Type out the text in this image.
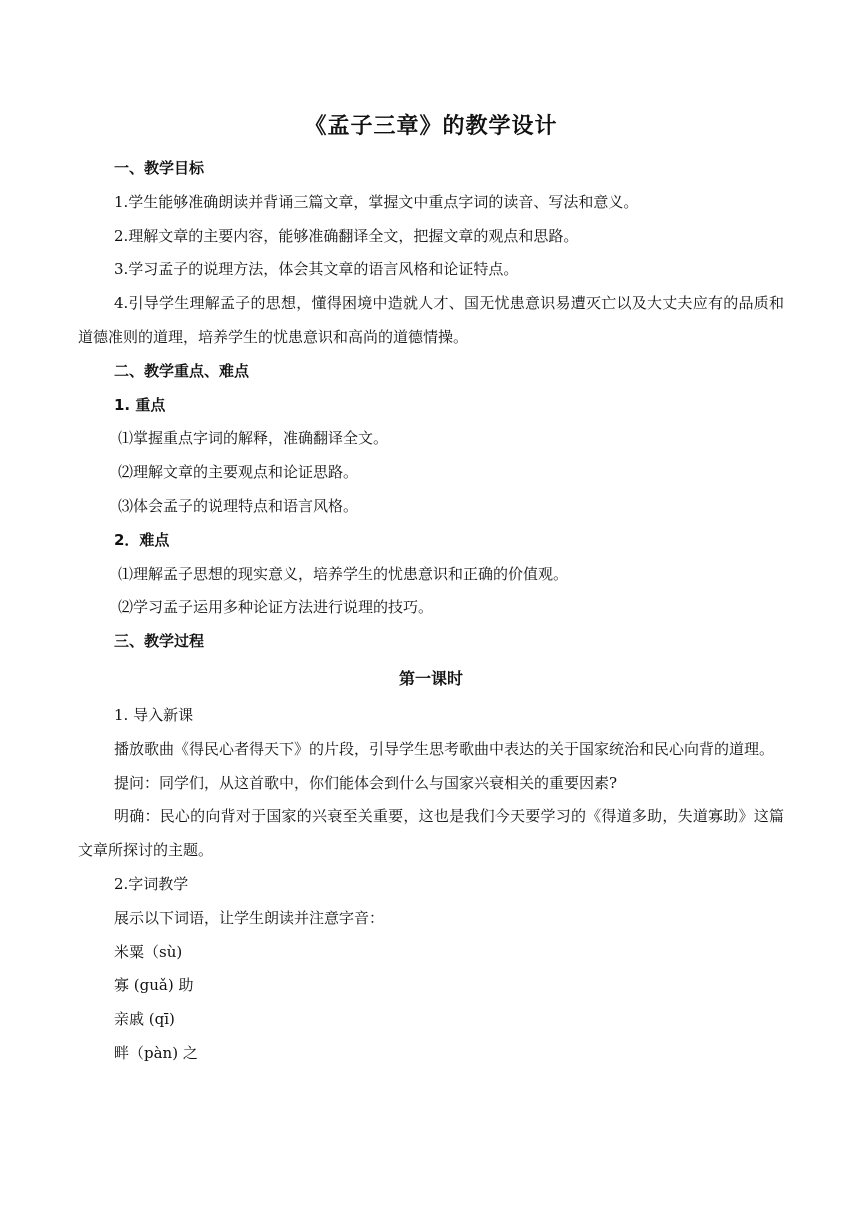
《孟子三章》的教学设计
一、教学目标
1.学生能够准确朗读并背诵三篇文章，掌握文中重点字词的读音、写法和意义。
2.理解文章的主要内容，能够准确翻译全文，把握文章的观点和思路。
3.学习孟子的说理方法，体会其文章的语言风格和论证特点。
4.引导学生理解孟子的思想，懂得困境中造就人才、国无忧患意识易遭灭亡以及大丈夫应有的品质和道德准则的道理，培养学生的忧患意识和高尚的道德情操。
二、教学重点、难点
1. 重点
⑴掌握重点字词的解释，准确翻译全文。
⑵理解文章的主要观点和论证思路。
⑶体会孟子的说理特点和语言风格。
2．难点
⑴理解孟子思想的现实意义，培养学生的忧患意识和正确的价值观。
⑵学习孟子运用多种论证方法进行说理的技巧。
三、教学过程
第一课时
1. 导入新课
播放歌曲《得民心者得天下》的片段，引导学生思考歌曲中表达的关于国家统治和民心向背的道理。
提问：同学们，从这首歌中，你们能体会到什么与国家兴衰相关的重要因素?
明确：民心的向背对于国家的兴衰至关重要，这也是我们今天要学习的《得道多助，失道寡助》这篇文章所探讨的主题。
2.字词教学
展示以下词语，让学生朗读并注意字音：
米粟（sù)
寡 (guǎ) 助
亲戚 (qī)
畔（pàn) 之
